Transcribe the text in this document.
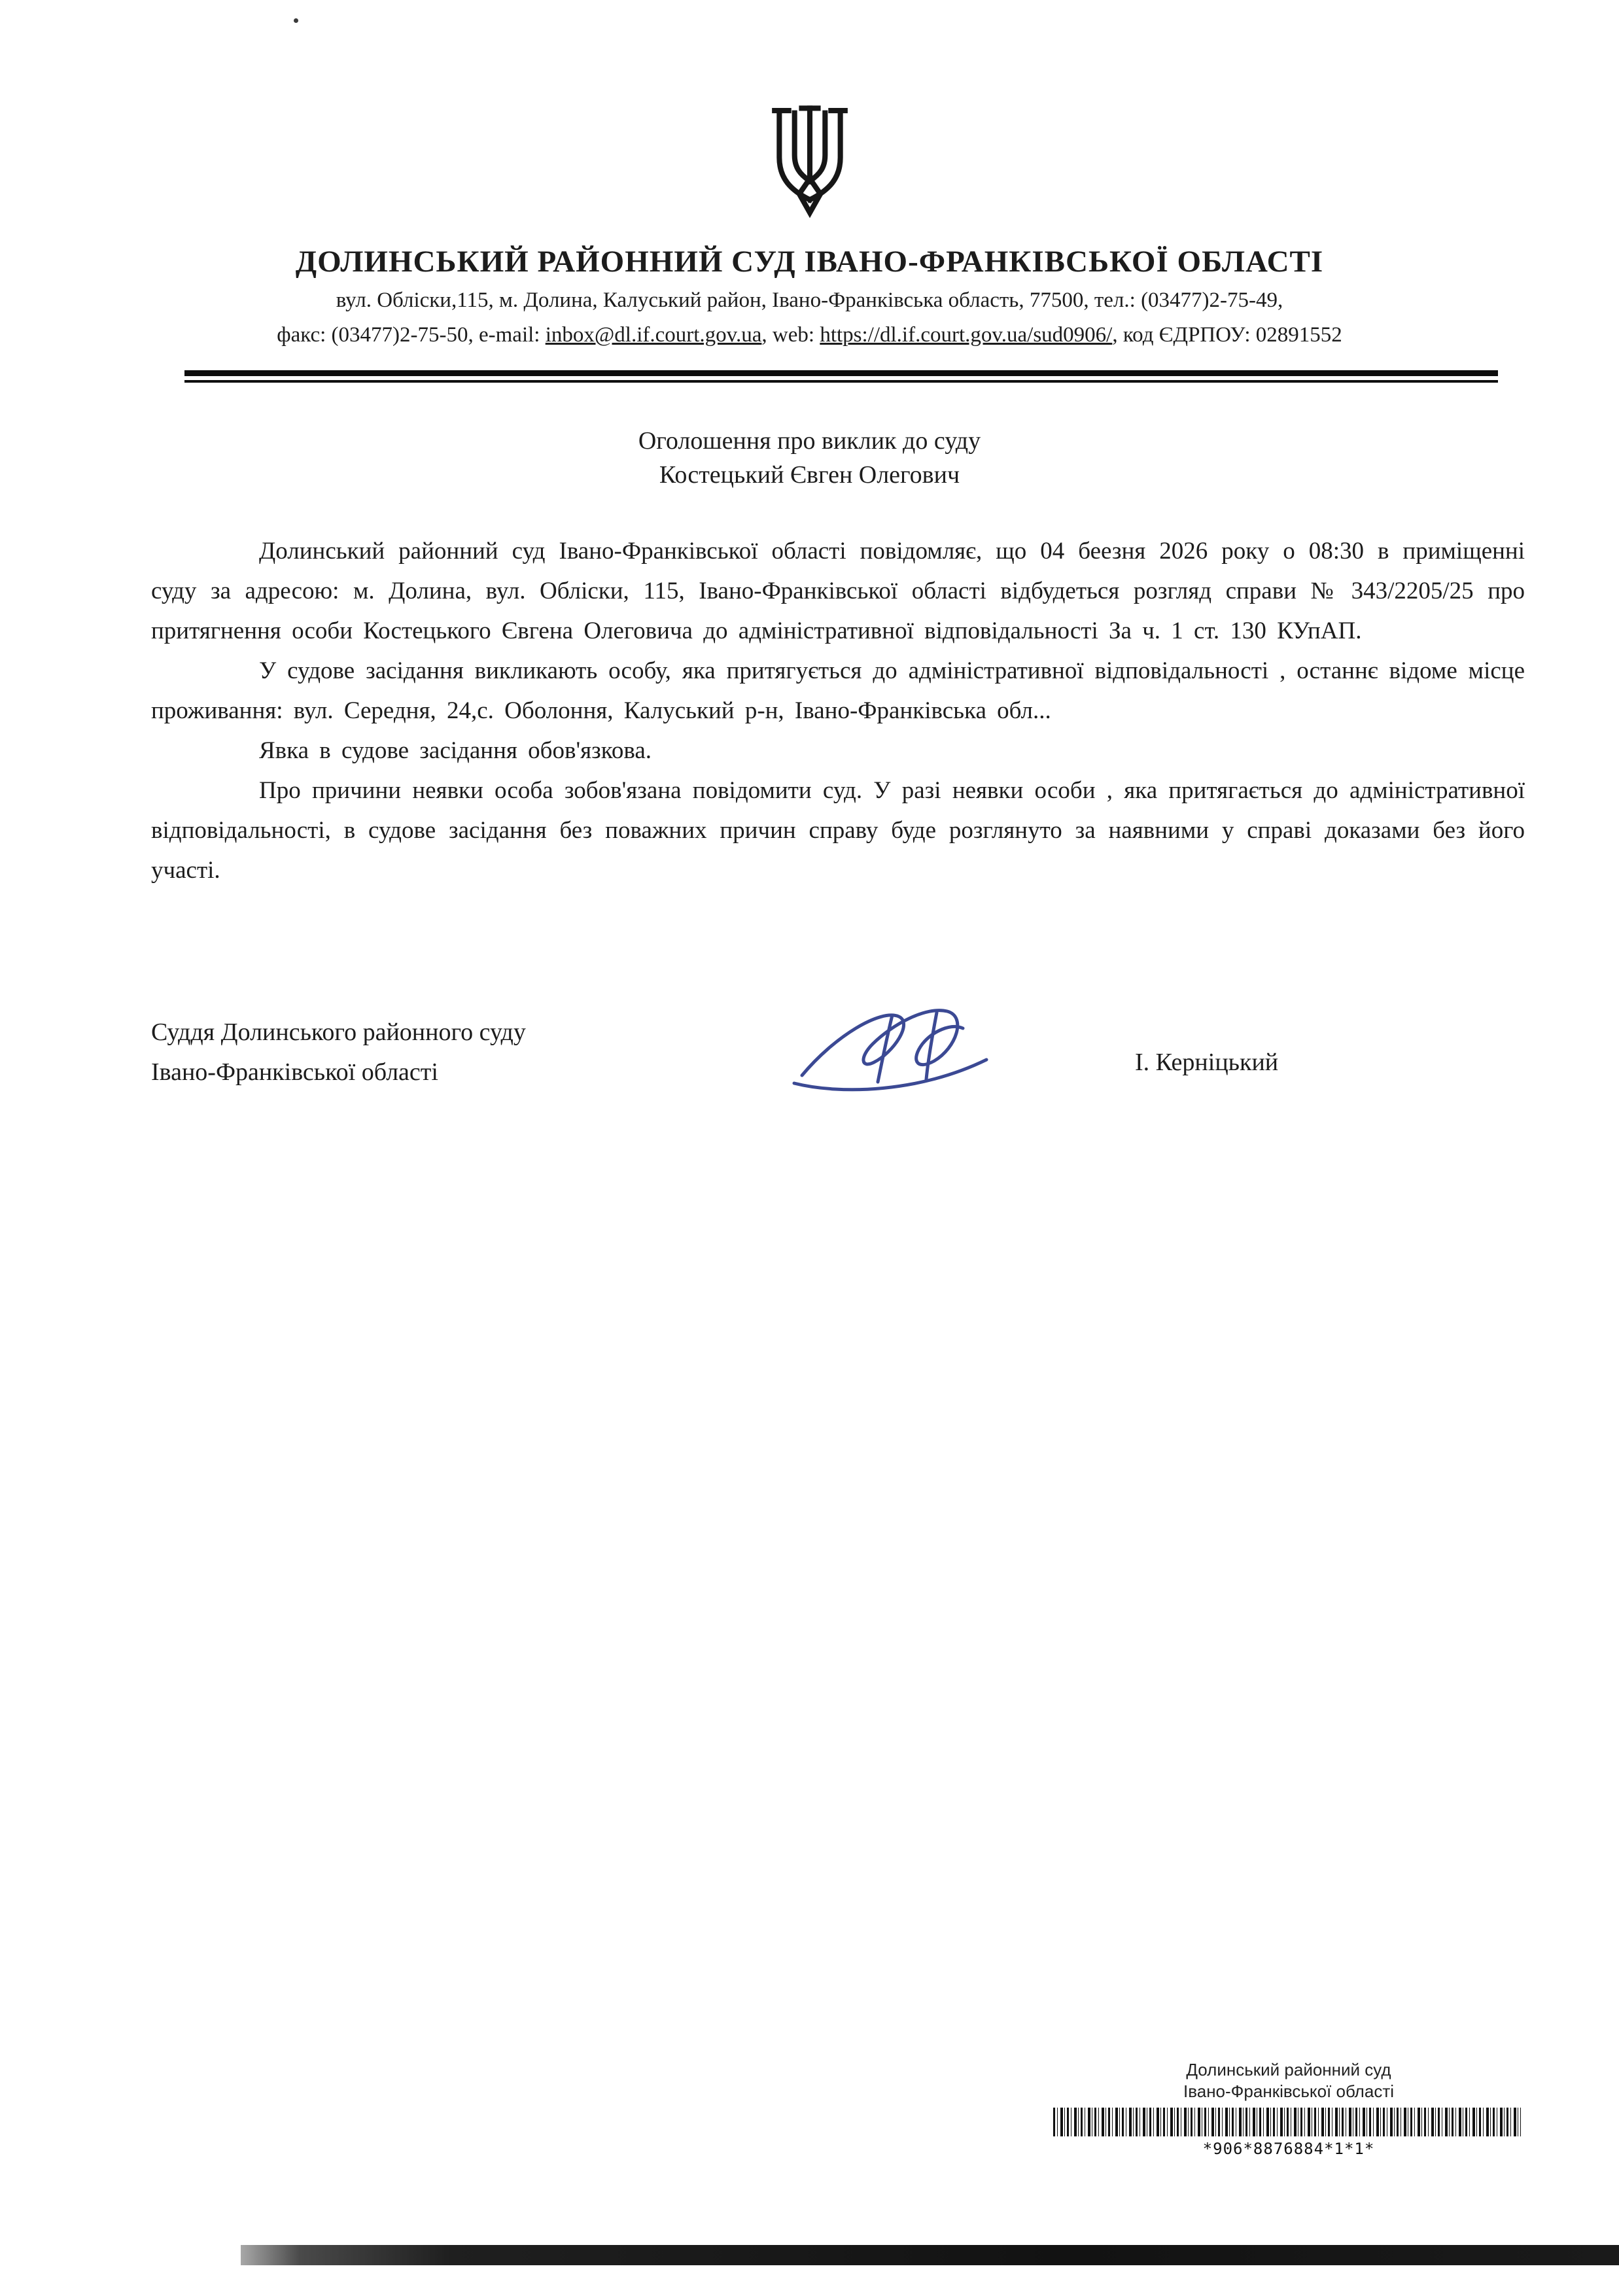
ДОЛИНСЬКИЙ РАЙОННИЙ СУД ІВАНО-ФРАНКІВСЬКОЇ ОБЛАСТІ
вул. Обліски,115, м. Долина, Калуський район, Івано-Франківська область, 77500, тел.: (03477)2-75-49,
факс: (03477)2-75-50, e-mail: inbox@dl.if.court.gov.ua, web: https://dl.if.court.gov.ua/sud0906/, код ЄДРПОУ: 02891552
Оголошення про виклик до суду
Костецький Євген Олегович

Долинський районний суд Івано-Франківської області повідомляє, що 04 беезня 2026 року о 08:30 в приміщенні суду за адресою: м. Долина, вул. Обліски, 115, Івано-Франківської області відбудеться розгляд справи № 343/2205/25 про притягнення особи Костецького Євгена Олеговича до адміністративної відповідальності За ч. 1 ст. 130 КУпАП.

У судове засідання викликають особу, яка притягується до адміністративної відповідальності , останнє відоме місце проживання: вул. Середня, 24,с. Оболоння, Калуський р-н, Івано-Франківська обл...

Явка в судове засідання обов'язкова.

Про причини неявки особа зобов'язана повідомити суд. У разі неявки особи , яка притягається до адміністративної відповідальності, в судове засідання без поважних причин справу буде розглянуто за наявними у справі доказами без його участі.

Суддя Долинського районного суду
Івано-Франківської області	І. Керніцький
Долинський районний суд
Івано-Франківської області
*906*8876884*1*1*
